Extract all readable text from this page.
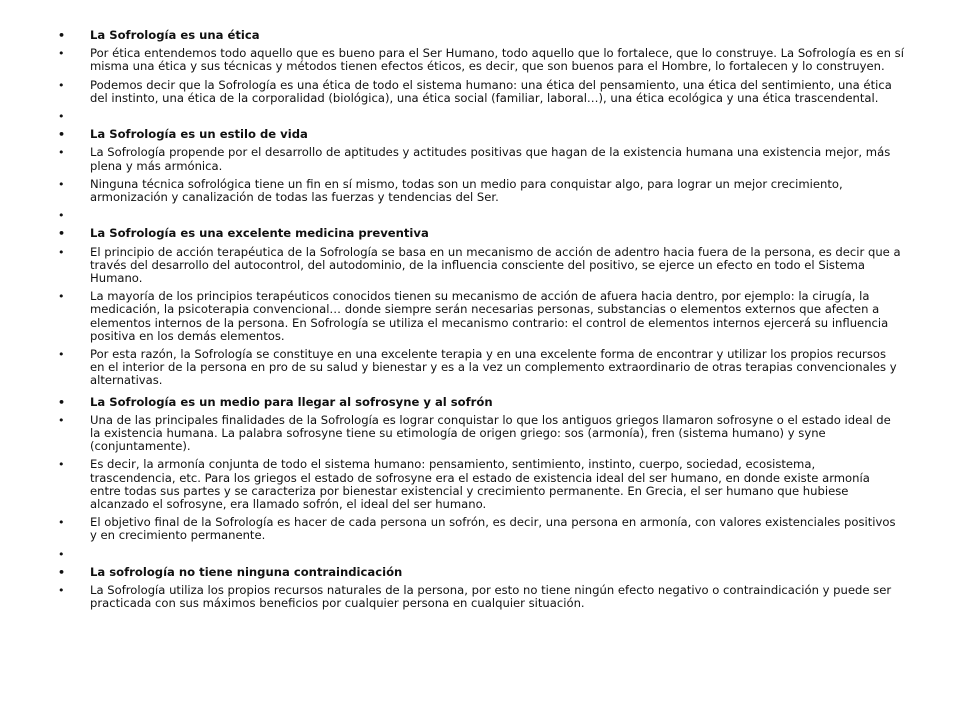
• La Sofrología es una ética
• Por ética entendemos todo aquello que es bueno para el Ser Humano, todo aquello que lo fortalece, que lo construye. La Sofrología es en sí misma una ética y sus técnicas y métodos tienen efectos éticos, es decir, que son buenos para el Hombre, lo fortalecen y lo construyen.
• Podemos decir que la Sofrología es una ética de todo el sistema humano: una ética del pensamiento, una ética del sentimiento, una ética del instinto, una ética de la corporalidad (biológica), una ética social (familiar, laboral…), una ética ecológica y una ética trascendental.
•
• La Sofrología es un estilo de vida
• La Sofrología propende por el desarrollo de aptitudes y actitudes positivas que hagan de la existencia humana una existencia mejor, más plena y más armónica.
• Ninguna técnica sofrológica tiene un fin en sí mismo, todas son un medio para conquistar algo, para lograr un mejor crecimiento, armonización y canalización de todas las fuerzas y tendencias del Ser.
•
• La Sofrología es una excelente medicina preventiva
• El principio de acción terapéutica de la Sofrología se basa en un mecanismo de acción de adentro hacia fuera de la persona, es decir que a través del desarrollo del autocontrol, del autodominio, de la influencia consciente del positivo, se ejerce un efecto en todo el Sistema Humano.
• La mayoría de los principios terapéuticos conocidos tienen su mecanismo de acción de afuera hacia dentro, por ejemplo: la cirugía, la medicación, la psicoterapia convencional… donde siempre serán necesarias personas, substancias o elementos externos que afecten a elementos internos de la persona. En Sofrología se utiliza el mecanismo contrario: el control de elementos internos ejercerá su influencia positiva en los demás elementos.
• Por esta razón, la Sofrología se constituye en una excelente terapia y en una excelente forma de encontrar y utilizar los propios recursos en el interior de la persona en pro de su salud y bienestar y es a la vez un complemento extraordinario de otras terapias convencionales y alternativas.
• La Sofrología es un medio para llegar al sofrosyne y al sofrón
• Una de las principales finalidades de la Sofrología es lograr conquistar lo que los antiguos griegos llamaron sofrosyne o el estado ideal de la existencia humana. La palabra sofrosyne tiene su etimología de origen griego: sos (armonía), fren (sistema humano) y syne (conjuntamente).
• Es decir, la armonía conjunta de todo el sistema humano: pensamiento, sentimiento, instinto, cuerpo, sociedad, ecosistema, trascendencia, etc. Para los griegos el estado de sofrosyne era el estado de existencia ideal del ser humano, en donde existe armonía entre todas sus partes y se caracteriza por bienestar existencial y crecimiento permanente. En Grecia, el ser humano que hubiese alcanzado el sofrosyne, era llamado sofrón, el ideal del ser humano.
• El objetivo final de la Sofrología es hacer de cada persona un sofrón, es decir, una persona en armonía, con valores existenciales positivos y en crecimiento permanente.
•
• La sofrología no tiene ninguna contraindicación
• La Sofrología utiliza los propios recursos naturales de la persona, por esto no tiene ningún efecto negativo o contraindicación y puede ser practicada con sus máximos beneficios por cualquier persona en cualquier situación.
